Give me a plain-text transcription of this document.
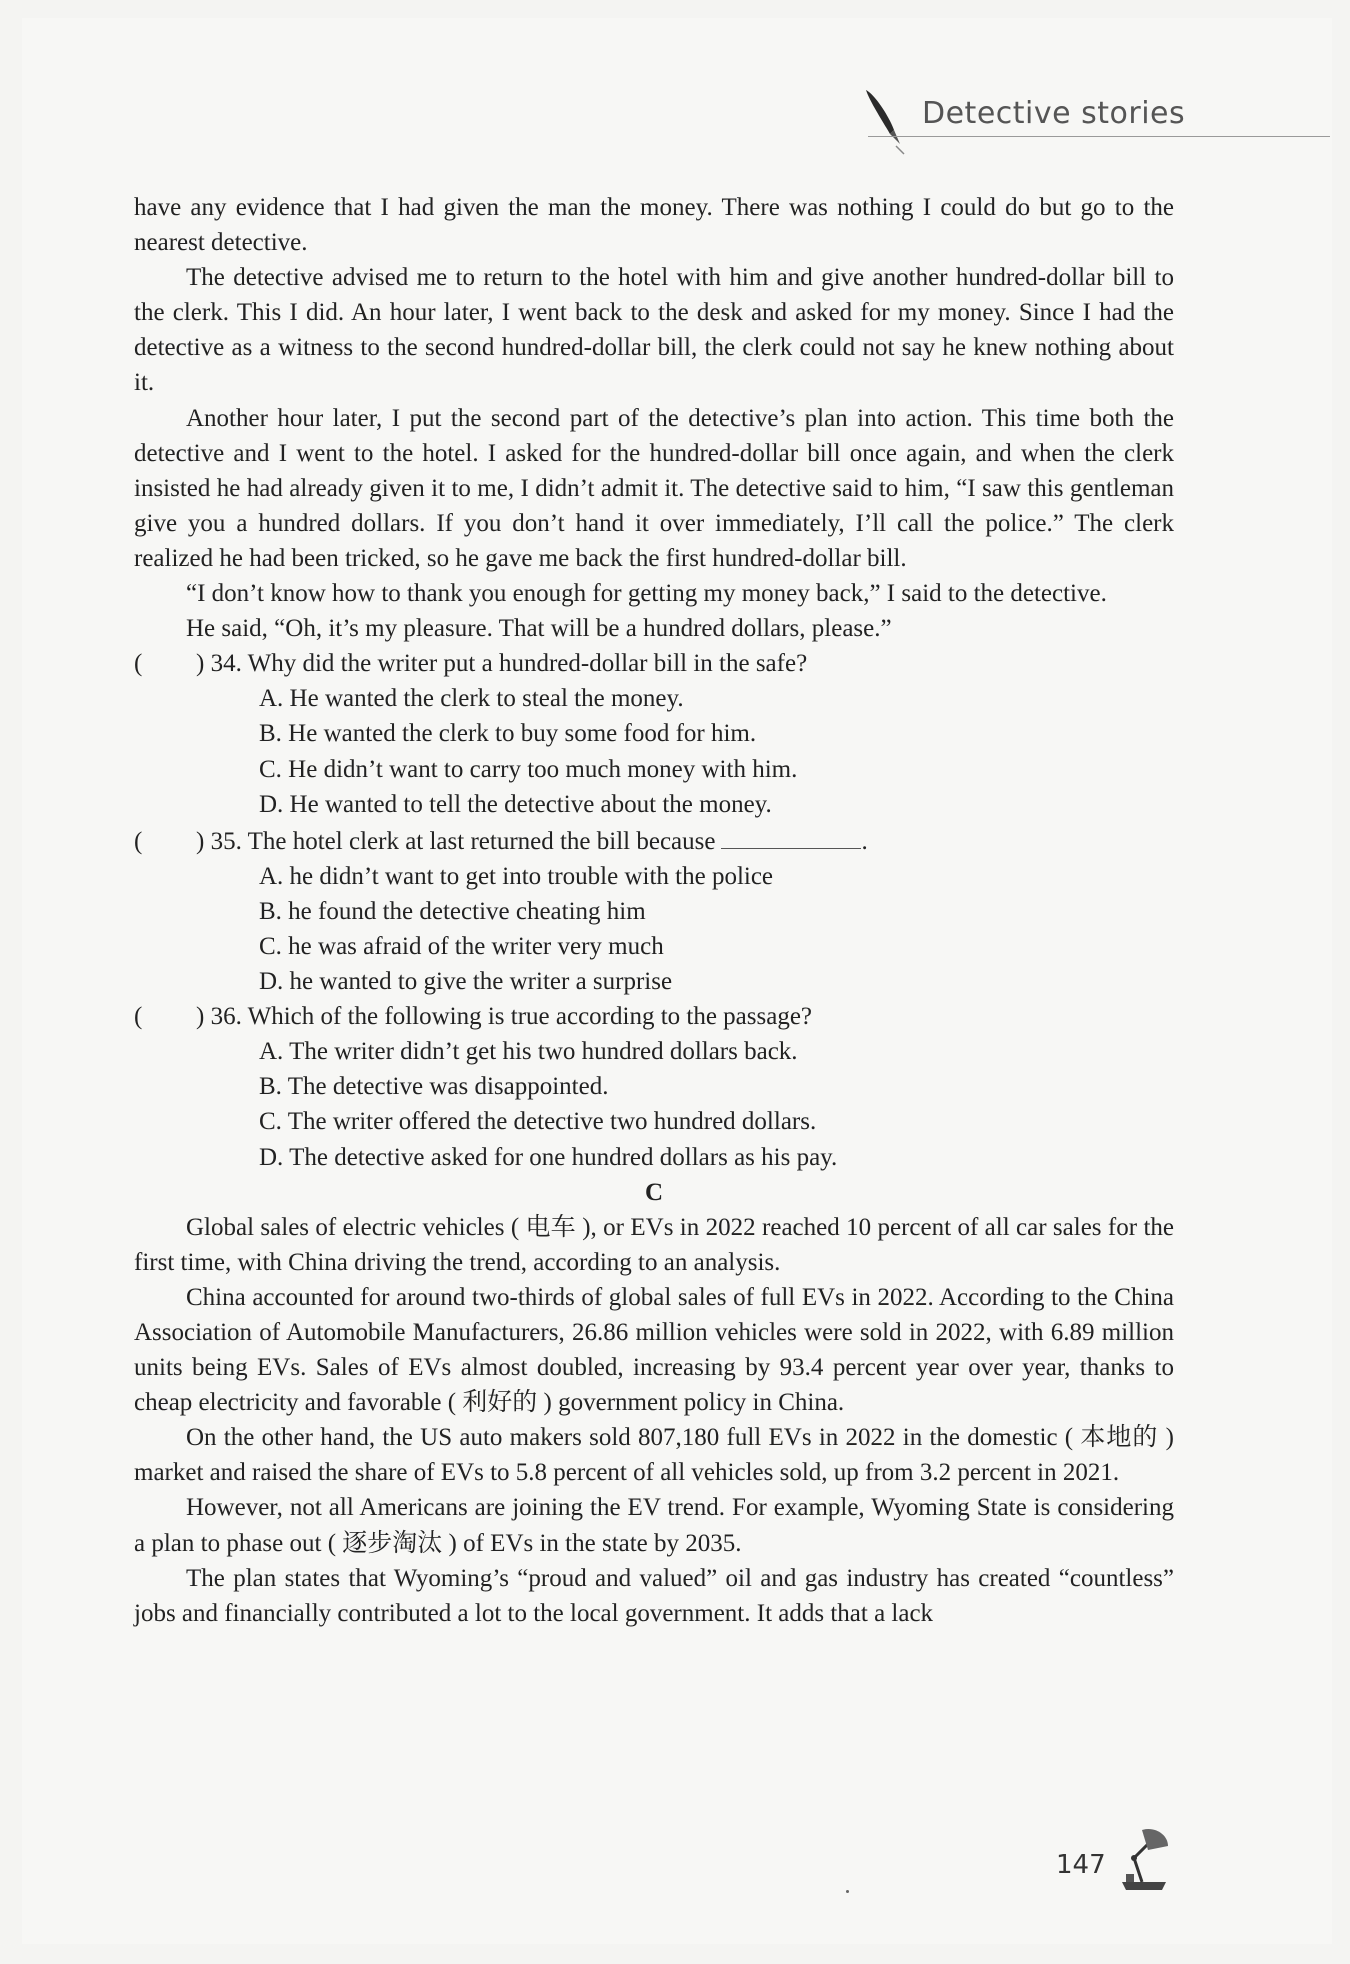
Detective stories

have any evidence that I had given the man the money. There was nothing I could do but go to the nearest detective.

The detective advised me to return to the hotel with him and give another hundred-dollar bill to the clerk. This I did. An hour later, I went back to the desk and asked for my money. Since I had the detective as a witness to the second hundred-dollar bill, the clerk could not say he knew nothing about it.

Another hour later, I put the second part of the detective’s plan into action. This time both the detective and I went to the hotel. I asked for the hundred-dollar bill once again, and when the clerk insisted he had already given it to me, I didn’t admit it. The detective said to him, “I saw this gentleman give you a hundred dollars. If you don’t hand it over immediately, I’ll call the police.” The clerk realized he had been tricked, so he gave me back the first hundred-dollar bill.

“I don’t know how to thank you enough for getting my money back,” I said to the detective.

He said, “Oh, it’s my pleasure. That will be a hundred dollars, please.”

( ) 34. Why did the writer put a hundred-dollar bill in the safe?

A. He wanted the clerk to steal the money.

B. He wanted the clerk to buy some food for him.

C. He didn’t want to carry too much money with him.

D. He wanted to tell the detective about the money.

( ) 35. The hotel clerk at last returned the bill because	.

A. he didn’t want to get into trouble with the police

B. he found the detective cheating him

C. he was afraid of the writer very much

D. he wanted to give the writer a surprise

( ) 36. Which of the following is true according to the passage?

A. The writer didn’t get his two hundred dollars back.

B. The detective was disappointed.

C. The writer offered the detective two hundred dollars.

D. The detective asked for one hundred dollars as his pay.

C

Global sales of electric vehicles ( 电车 ), or EVs in 2022 reached 10 percent of all car sales for the first time, with China driving the trend, according to an analysis.

China accounted for around two-thirds of global sales of full EVs in 2022. According to the China Association of Automobile Manufacturers, 26.86 million vehicles were sold in 2022, with 6.89 million units being EVs. Sales of EVs almost doubled, increasing by 93.4 percent year over year, thanks to cheap electricity and favorable ( 利好的 ) government policy in China.

On the other hand, the US auto makers sold 807,180 full EVs in 2022 in the domestic ( 本地的 ) market and raised the share of EVs to 5.8 percent of all vehicles sold, up from 3.2 percent in 2021.

However, not all Americans are joining the EV trend. For example, Wyoming State is considering a plan to phase out ( 逐步淘汰 ) of EVs in the state by 2035.

The plan states that Wyoming’s “proud and valued” oil and gas industry has created “countless” jobs and financially contributed a lot to the local government. It adds that a lack

147
